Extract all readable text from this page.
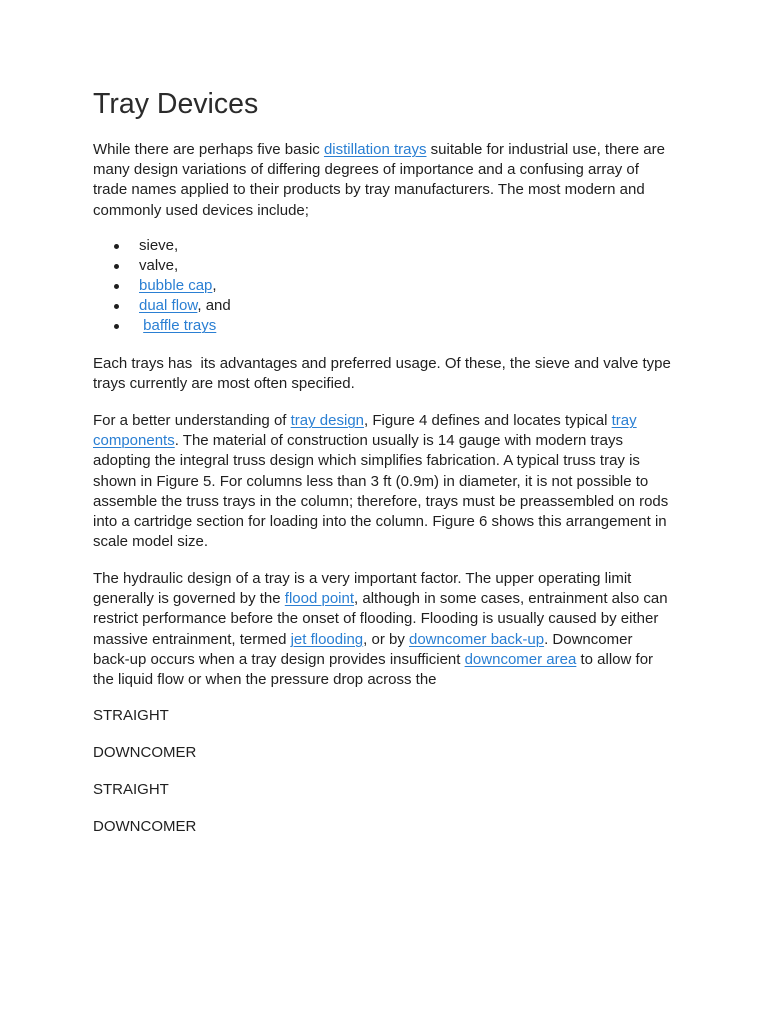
Tray Devices

While there are perhaps five basic distillation trays suitable for industrial use, there are many design variations of differing degrees of importance and a confusing array of trade names applied to their products by tray manufacturers. The most modern and commonly used devices include;

sieve,
valve,
bubble cap,
dual flow, and
baffle trays

Each trays has  its advantages and preferred usage. Of these, the sieve and valve type trays currently are most often specified.

For a better understanding of tray design, Figure 4 defines and locates typical tray components. The material of construction usually is 14 gauge with modern trays adopting the integral truss design which simplifies fabrication. A typical truss tray is shown in Figure 5. For columns less than 3 ft (0.9m) in diameter, it is not possible to assemble the truss trays in the column; therefore, trays must be preassembled on rods into a cartridge section for loading into the column. Figure 6 shows this arrangement in scale model size.

The hydraulic design of a tray is a very important factor. The upper operating limit generally is governed by the flood point, although in some cases, entrainment also can restrict performance before the onset of flooding. Flooding is usually caused by either massive entrainment, termed jet flooding, or by downcomer back-up. Downcomer back-up occurs when a tray design provides insufficient downcomer area to allow for the liquid flow or when the pressure drop across the

STRAIGHT

DOWNCOMER

STRAIGHT

DOWNCOMER
